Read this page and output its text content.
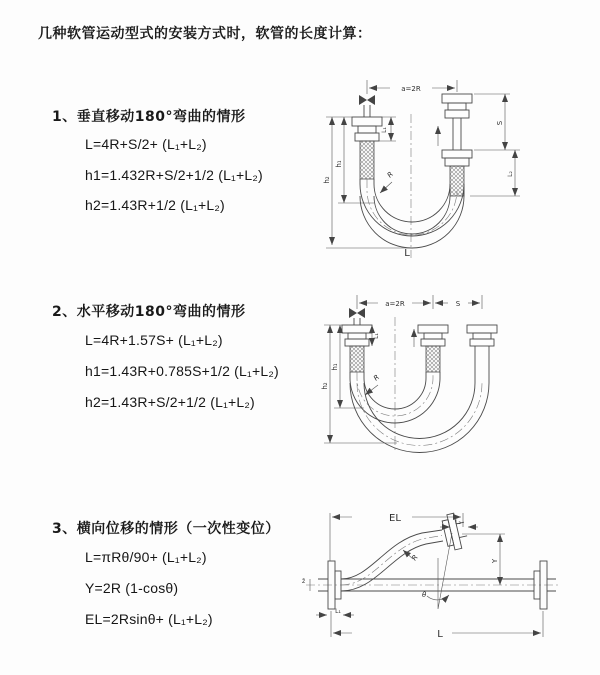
几种软管运动型式的安装方式时，软管的长度计算：
1、垂直移动180°弯曲的情形
L=4R+S/2+ (L₁+L₂)
h1=1.432R+S/2+1/2 (L₁+L₂)
h2=1.43R+1/2 (L₁+L₂)
2、水平移动180°弯曲的情形
L=4R+1.57S+ (L₁+L₂)
h1=1.43R+0.785S+1/2 (L₁+L₂)
h2=1.43R+S/2+1/2 (L₁+L₂)
3、横向位移的情形（一次性变位）
L=πRθ/90+ (L₁+L₂)
Y=2R (1-cosθ)
EL=2Rsinθ+ (L₁+L₂)
a=2R
R
L
h₂
h₁
L₁
S
L₂
a=2R	S
h₁
h₂
L₁
R
z̄
EL	L₂
Y
θ
R
L
L₁
